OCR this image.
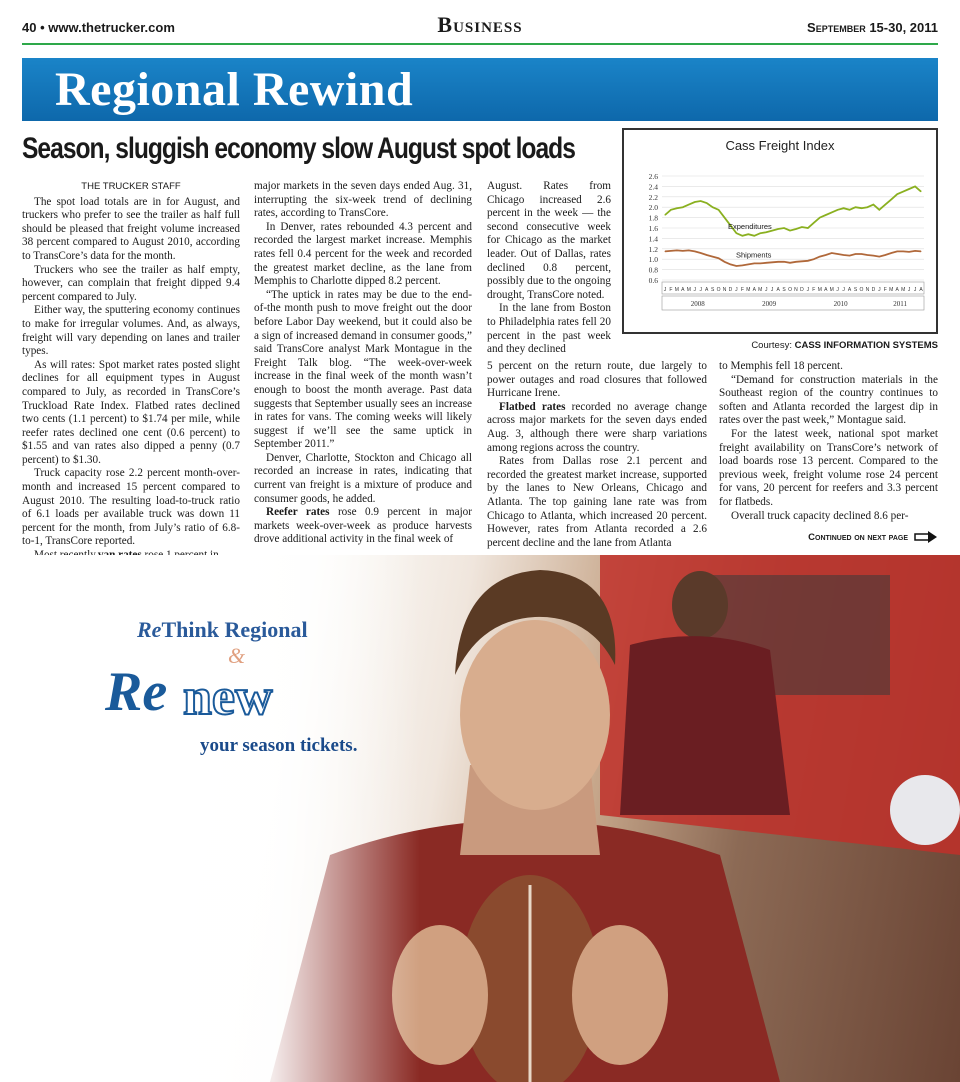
40 • www.thetrucker.com	Business	September 15-30, 2011
Regional Rewind
Season, sluggish economy slow August spot loads
THE TRUCKER STAFF

The spot load totals are in for August, and truckers who prefer to see the trailer as half full should be pleased that freight volume increased 38 percent compared to August 2010, according to TransCore’s data for the month.

Truckers who see the trailer as half empty, however, can complain that freight dipped 9.4 percent compared to July.

Either way, the sputtering economy continues to make for irregular volumes. And, as always, freight will vary depending on lanes and trailer types.

As will rates: Spot market rates posted slight declines for all equipment types in August compared to July, as recorded in TransCore’s Truckload Rate Index. Flatbed rates declined two cents (1.1 percent) to $1.74 per mile, while reefer rates declined one cent (0.6 percent) to $1.55 and van rates also dipped a penny (0.7 percent) to $1.30.

Truck capacity rose 2.2 percent month-over-month and increased 15 percent compared to August 2010. The resulting load-to-truck ratio of 6.1 loads per available truck was down 11 percent for the month, from July’s ratio of 6.8-to-1, TransCore reported.

major markets in the seven days ended Aug. 31, interrupting the six-week trend of declining rates, according to TransCore.

In Denver, rates rebounded 4.3 percent and recorded the largest market increase. Memphis rates fell 0.4 percent for the week and recorded the greatest market decline, as the lane from Memphis to Charlotte dipped 8.2 percent.

“The uptick in rates may be due to the end-of-the month push to move freight out the door before Labor Day weekend, but it could also be a sign of increased demand in consumer goods,” said TransCore analyst Mark Montague in the Freight Talk blog. “The week-over-week increase in the final week of the month wasn’t enough to boost the month average. Past data suggests that September usually sees an increase in rates for vans. The coming weeks will likely suggest if we’ll see the same uptick in September 2011.”

Denver, Charlotte, Stockton and Chicago all recorded an increase in rates, indicating that current van freight is a mixture of produce and consumer goods, he added.

Reefer rates rose 0.9 percent in major markets week-over-week as produce harvests drove additional activity in the final week of

August. Rates from Chicago increased 2.6 percent in the week — the second consecutive week for Chicago as the market leader. Out of Dallas, rates declined 0.8 percent, possibly due to the ongoing drought, TransCore noted.

In the lane from Boston to Philadelphia rates fell 20 percent in the past week and they declined

5 percent on the return route, due largely to power outages and road closures that followed Hurricane Irene.

Flatbed rates recorded no average change across major markets for the seven days ended Aug. 3, although there were sharp variations among regions across the country.

Rates from Dallas rose 2.1 percent and recorded the greatest market increase, supported by the lanes to New Orleans, Chicago and Atlanta. The top gaining lane rate was from Chicago to Atlanta, which increased 20 percent. However, rates from Atlanta recorded a 2.6 percent decline and the lane from Atlanta

to Memphis fell 18 percent.

“Demand for construction materials in the Southeast region of the country continues to soften and Atlanta recorded the largest dip in rates over the past week,” Montague said.

For the latest week, national spot market freight availability on TransCore’s network of load boards rose 13 percent. Compared to the previous week, freight volume rose 24 percent for vans, 20 percent for reefers and 3.3 percent for flatbeds.

Overall truck capacity declined 8.6 per-

Continued on next page
Cass Freight Index
2.6
2.4
2.2
2.0
1.8
1.6
1.4
1.2
1.0
0.8
0.6
J F M A M J J A S O N D J F M A M J J A S O N D J F M A M J J A S O N D J F M A M J J A
2008	2009	2010	2011
Expenditures
Shipments
Courtesy: CASS INFORMATION SYSTEMS
ReThink Regional
&
Re new
your season tickets.
